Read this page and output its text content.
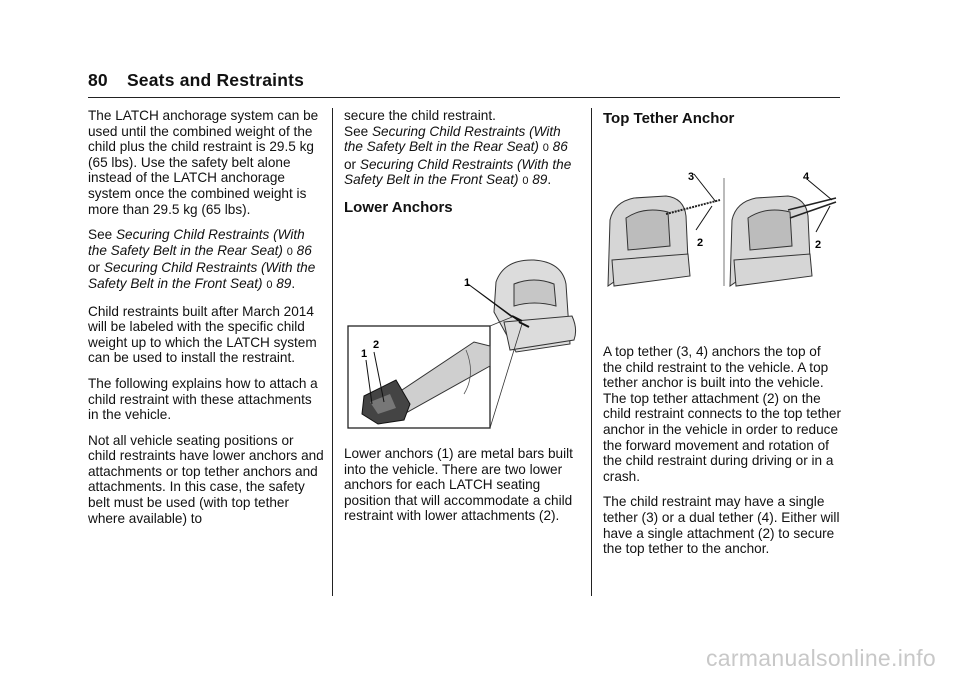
80 Seats and Restraints

The LATCH anchorage system can be used until the combined weight of the child plus the child restraint is 29.5 kg (65 lbs). Use the safety belt alone instead of the LATCH anchorage system once the combined weight is more than 29.5 kg (65 lbs).

See Securing Child Restraints (With the Safety Belt in the Rear Seat) 0 86 or Securing Child Restraints (With the Safety Belt in the Front Seat) 0 89.

Child restraints built after March 2014 will be labeled with the specific child weight up to which the LATCH system can be used to install the restraint.

The following explains how to attach a child restraint with these attachments in the vehicle.

Not all vehicle seating positions or child restraints have lower anchors and attachments or top tether anchors and attachments. In this case, the safety belt must be used (with top tether where available) to

secure the child restraint.

See Securing Child Restraints (With the Safety Belt in the Rear Seat) 0 86 or Securing Child Restraints (With the Safety Belt in the Front Seat) 0 89.

Lower Anchors
1
2
1

Lower anchors (1) are metal bars built into the vehicle. There are two lower anchors for each LATCH seating position that will accommodate a child restraint with lower attachments (2).

Top Tether Anchor
3
2
4
2

A top tether (3, 4) anchors the top of the child restraint to the vehicle. A top tether anchor is built into the vehicle. The top tether attachment (2) on the child restraint connects to the top tether anchor in the vehicle in order to reduce the forward movement and rotation of the child restraint during driving or in a crash.

The child restraint may have a single tether (3) or a dual tether (4). Either will have a single attachment (2) to secure the top tether to the anchor.

carmanualsonline.info
